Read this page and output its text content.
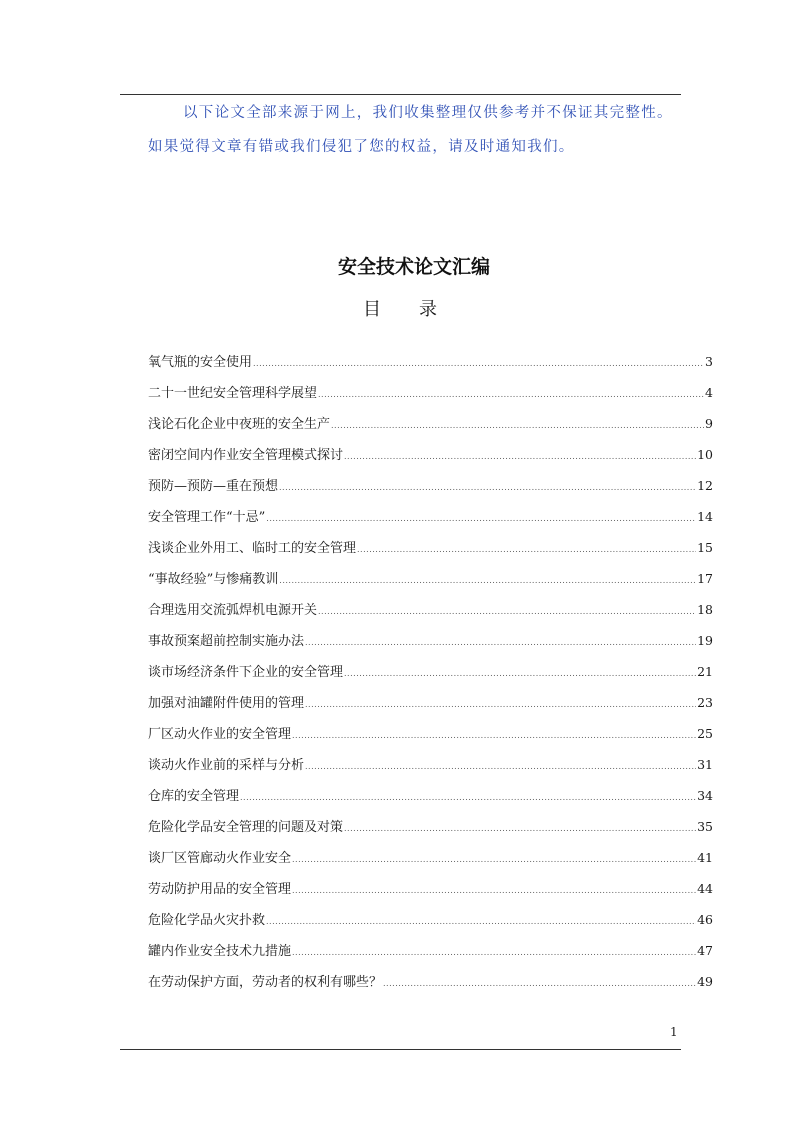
以下论文全部来源于网上，我们收集整理仅供参考并不保证其完整性。
如果觉得文章有错或我们侵犯了您的权益，请及时通知我们。
安全技术论文汇编
目 录
氧气瓶的安全使用 .....	3
二十一世纪安全管理科学展望 .....	4
浅论石化企业中夜班的安全生产 .....	9
密闭空间内作业安全管理模式探讨 .....	10
预防—预防—重在预想 .....	12
安全管理工作“十忌” .....	14
浅谈企业外用工、临时工的安全管理 .....	15
“事故经验”与惨痛教训 .....	17
合理选用交流弧焊机电源开关 .....	18
事故预案超前控制实施办法 .....	19
谈市场经济条件下企业的安全管理 .....	21
加强对油罐附件使用的管理 .....	23
厂区动火作业的安全管理 .....	25
谈动火作业前的采样与分析 .....	31
仓库的安全管理 .....	34
危险化学品安全管理的问题及对策 .....	35
谈厂区管廊动火作业安全 .....	41
劳动防护用品的安全管理 .....	44
危险化学品火灾扑救 .....	46
罐内作业安全技术九措施 .....	47
在劳动保护方面，劳动者的权利有哪些？ .....	49
1
